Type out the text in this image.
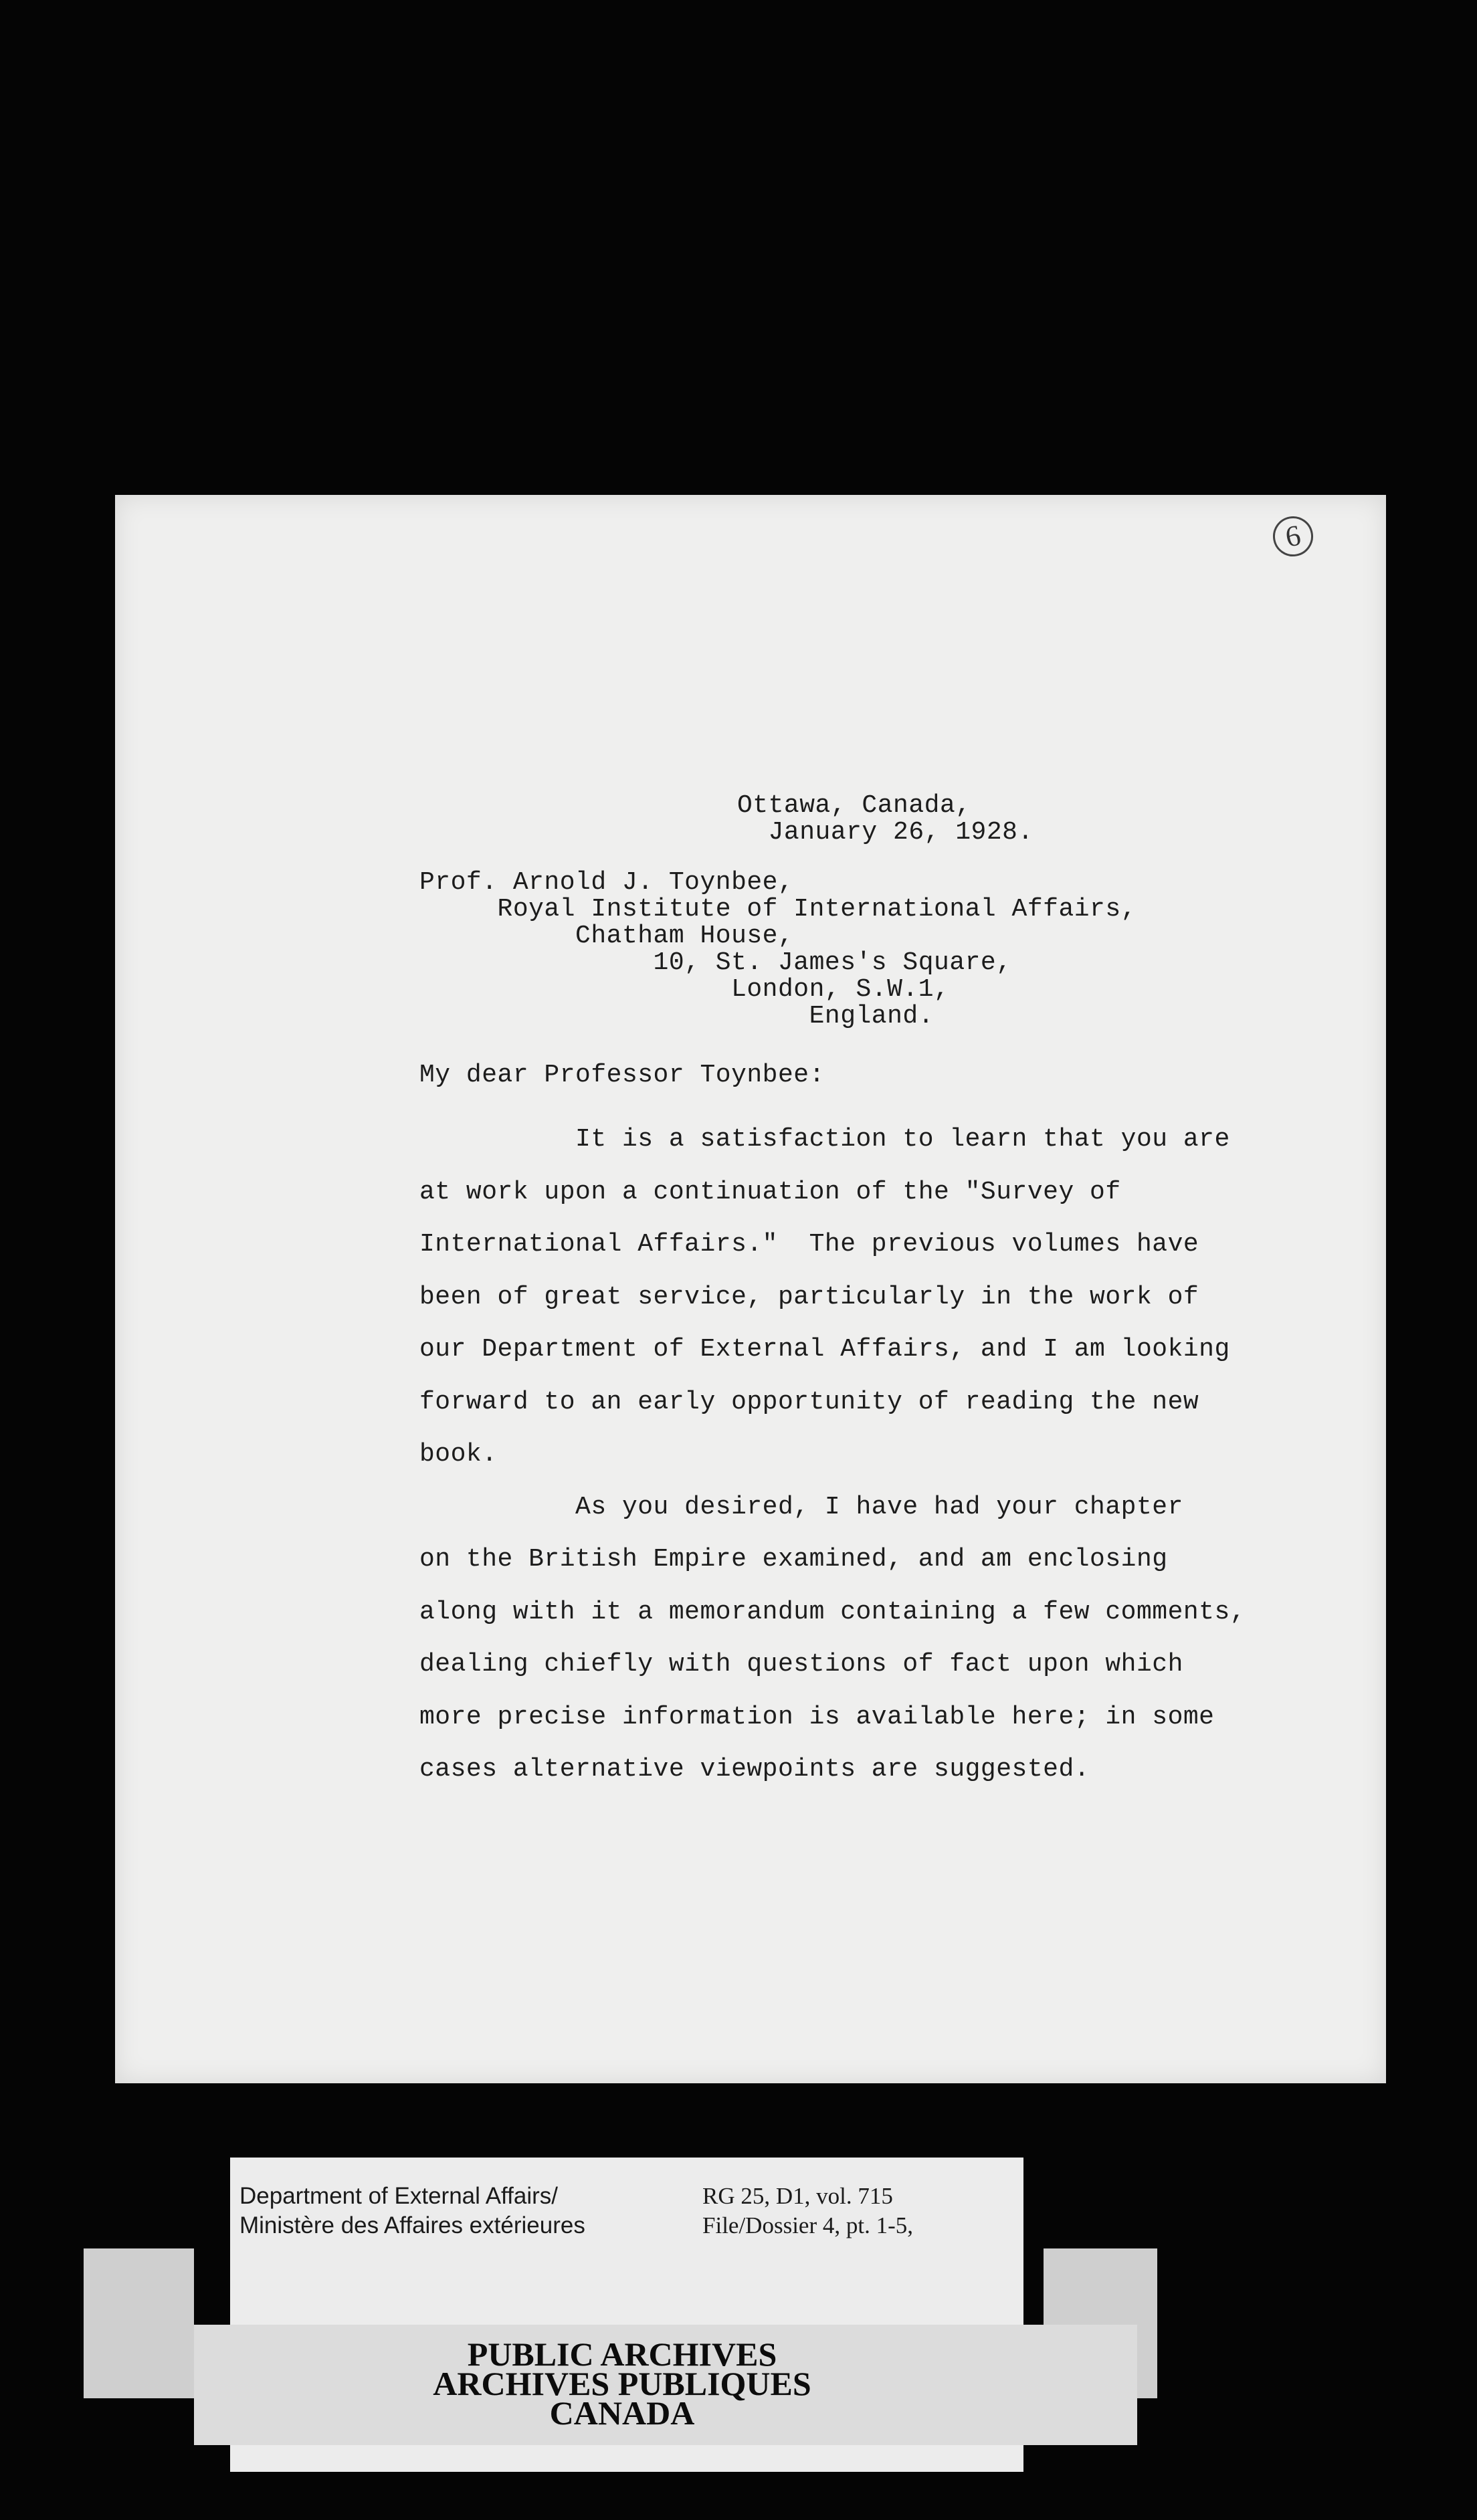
6
Ottawa, Canada,
January 26, 1928.
Prof. Arnold J. Toynbee,
Royal Institute of International Affairs,
Chatham House,
10, St. James's Square,
London, S.W.1,
England.
My dear Professor Toynbee:
It is a satisfaction to learn that you are
at work upon a continuation of the "Survey of
International Affairs."  The previous volumes have
been of great service, particularly in the work of
our Department of External Affairs, and I am looking
forward to an early opportunity of reading the new
book.
As you desired, I have had your chapter
on the British Empire examined, and am enclosing
along with it a memorandum containing a few comments,
dealing chiefly with questions of fact upon which
more precise information is available here; in some
cases alternative viewpoints are suggested.
Department of External Affairs/
Ministère des Affaires extérieures
RG 25, D1, vol. 715
File/Dossier 4, pt. 1-5,
PUBLIC ARCHIVES
ARCHIVES PUBLIQUES
CANADA
